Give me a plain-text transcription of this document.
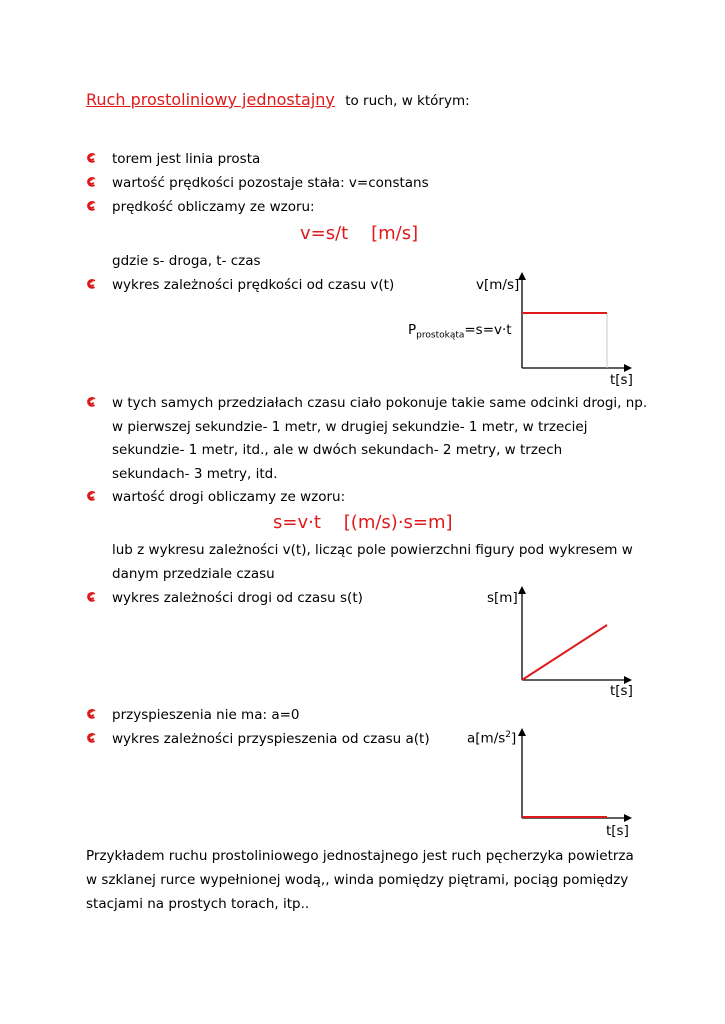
Ruch prostoliniowy jednostajny to ruch, w którym:
torem jest linia prosta
wartość prędkości pozostaje stała: v=constans
prędkość obliczamy ze wzoru:
v=s/t    [m/s]
gdzie s- droga, t- czas
wykres zależności prędkości od czasu v(t)	v[m/s]
$P_{prostokąta}=s=v\cdot t$
t[s]
w tych samych przedziałach czasu ciało pokonuje takie same odcinki drogi, np.
w pierwszej sekundzie- 1 metr, w drugiej sekundzie- 1 metr, w trzeciej
sekundzie- 1 metr, itd., ale w dwóch sekundach- 2 metry, w trzech
sekundach- 3 metry, itd.
wartość drogi obliczamy ze wzoru:
s=v·t    [(m/s)·s=m]
lub z wykresu zależności v(t), licząc pole powierzchni figury pod wykresem w
danym przedziale czasu
wykres zależności drogi od czasu s(t)	s[m]
t[s]
przyspieszenia nie ma: a=0
wykres zależności przyspieszenia od czasu a(t)	$a[m/s^2]$
t[s]
Przykładem ruchu prostoliniowego jednostajnego jest ruch pęcherzyka powietrza
w szklanej rurce wypełnionej wodą,, winda pomiędzy piętrami, pociąg pomiędzy
stacjami na prostych torach, itp..
